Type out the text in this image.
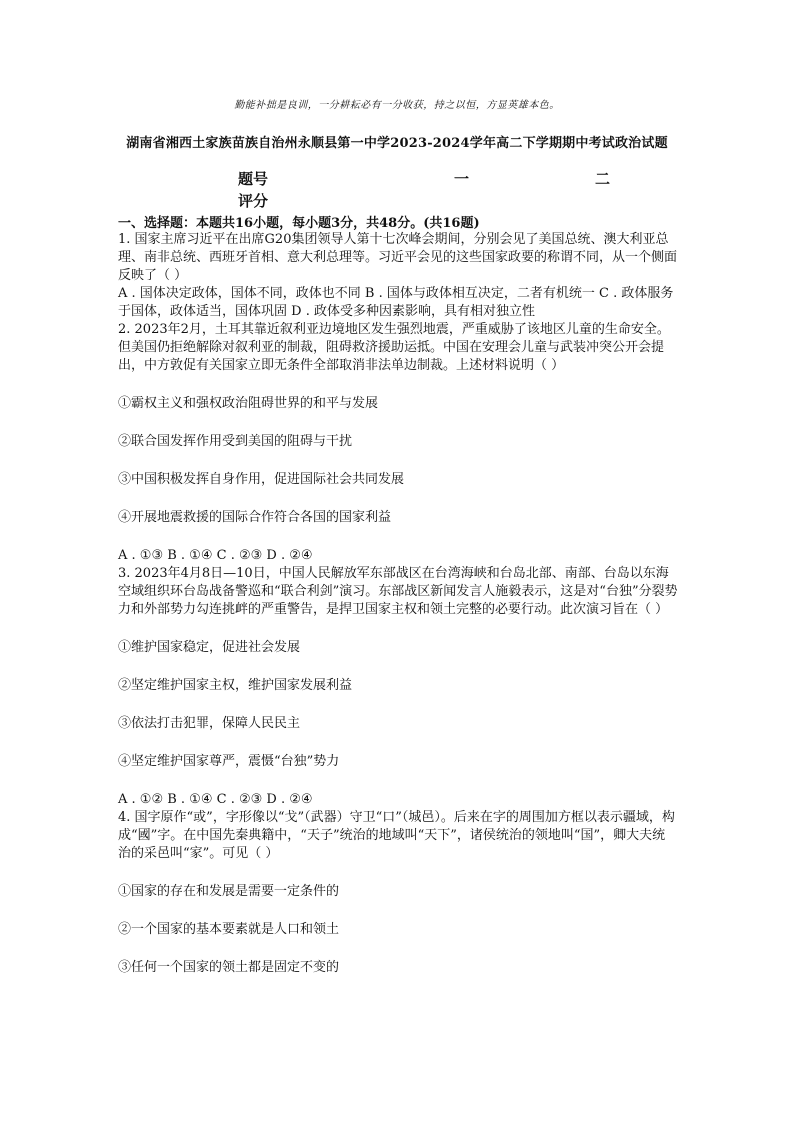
勤能补拙是良训，一分耕耘必有一分收获，持之以恒，方显英雄本色。
湖南省湘西土家族苗族自治州永顺县第一中学2023-2024学年高二下学期期中考试政治试题
题号	一	二
评分
一、选择题：本题共16小题，每小题3分，共48分。(共16题)

1. 国家主席习近平在出席G20集团领导人第十七次峰会期间，分别会见了美国总统、澳大利亚总理、南非总统、西班牙首相、意大利总理等。习近平会见的这些国家政要的称谓不同，从一个侧面反映了（ ）

A . 国体决定政体，国体不同，政体也不同 B . 国体与政体相互决定，二者有机统一 C . 政体服务于国体，政体适当，国体巩固 D . 政体受多种因素影响，具有相对独立性

2. 2023年2月，土耳其靠近叙利亚边境地区发生强烈地震，严重威胁了该地区儿童的生命安全。但美国仍拒绝解除对叙利亚的制裁，阻碍救济援助运抵。中国在安理会儿童与武装冲突公开会提出，中方敦促有关国家立即无条件全部取消非法单边制裁。上述材料说明（ ）

①霸权主义和强权政治阻碍世界的和平与发展

②联合国发挥作用受到美国的阻碍与干扰

③中国积极发挥自身作用，促进国际社会共同发展

④开展地震救援的国际合作符合各国的国家利益

A . ①③ B . ①④ C . ②③ D . ②④

3. 2023年4月8日—10日，中国人民解放军东部战区在台湾海峡和台岛北部、南部、台岛以东海空域组织环台岛战备警巡和“联合利剑”演习。东部战区新闻发言人施毅表示，这是对“台独”分裂势力和外部势力勾连挑衅的严重警告，是捍卫国家主权和领土完整的必要行动。此次演习旨在（ ）

①维护国家稳定，促进社会发展

②坚定维护国家主权，维护国家发展利益

③依法打击犯罪，保障人民民主

④坚定维护国家尊严，震慑“台独”势力

A . ①② B . ①④ C . ②③ D . ②④

4. 国字原作“或”，字形像以“戈”（武器）守卫“口”（城邑）。后来在字的周围加方框以表示疆域，构成“國”字。在中国先秦典籍中，“天子”统治的地域叫“天下”，诸侯统治的领地叫“国”，卿大夫统治的采邑叫“家”。可见（ ）

①国家的存在和发展是需要一定条件的

②一个国家的基本要素就是人口和领土

③任何一个国家的领土都是固定不变的
